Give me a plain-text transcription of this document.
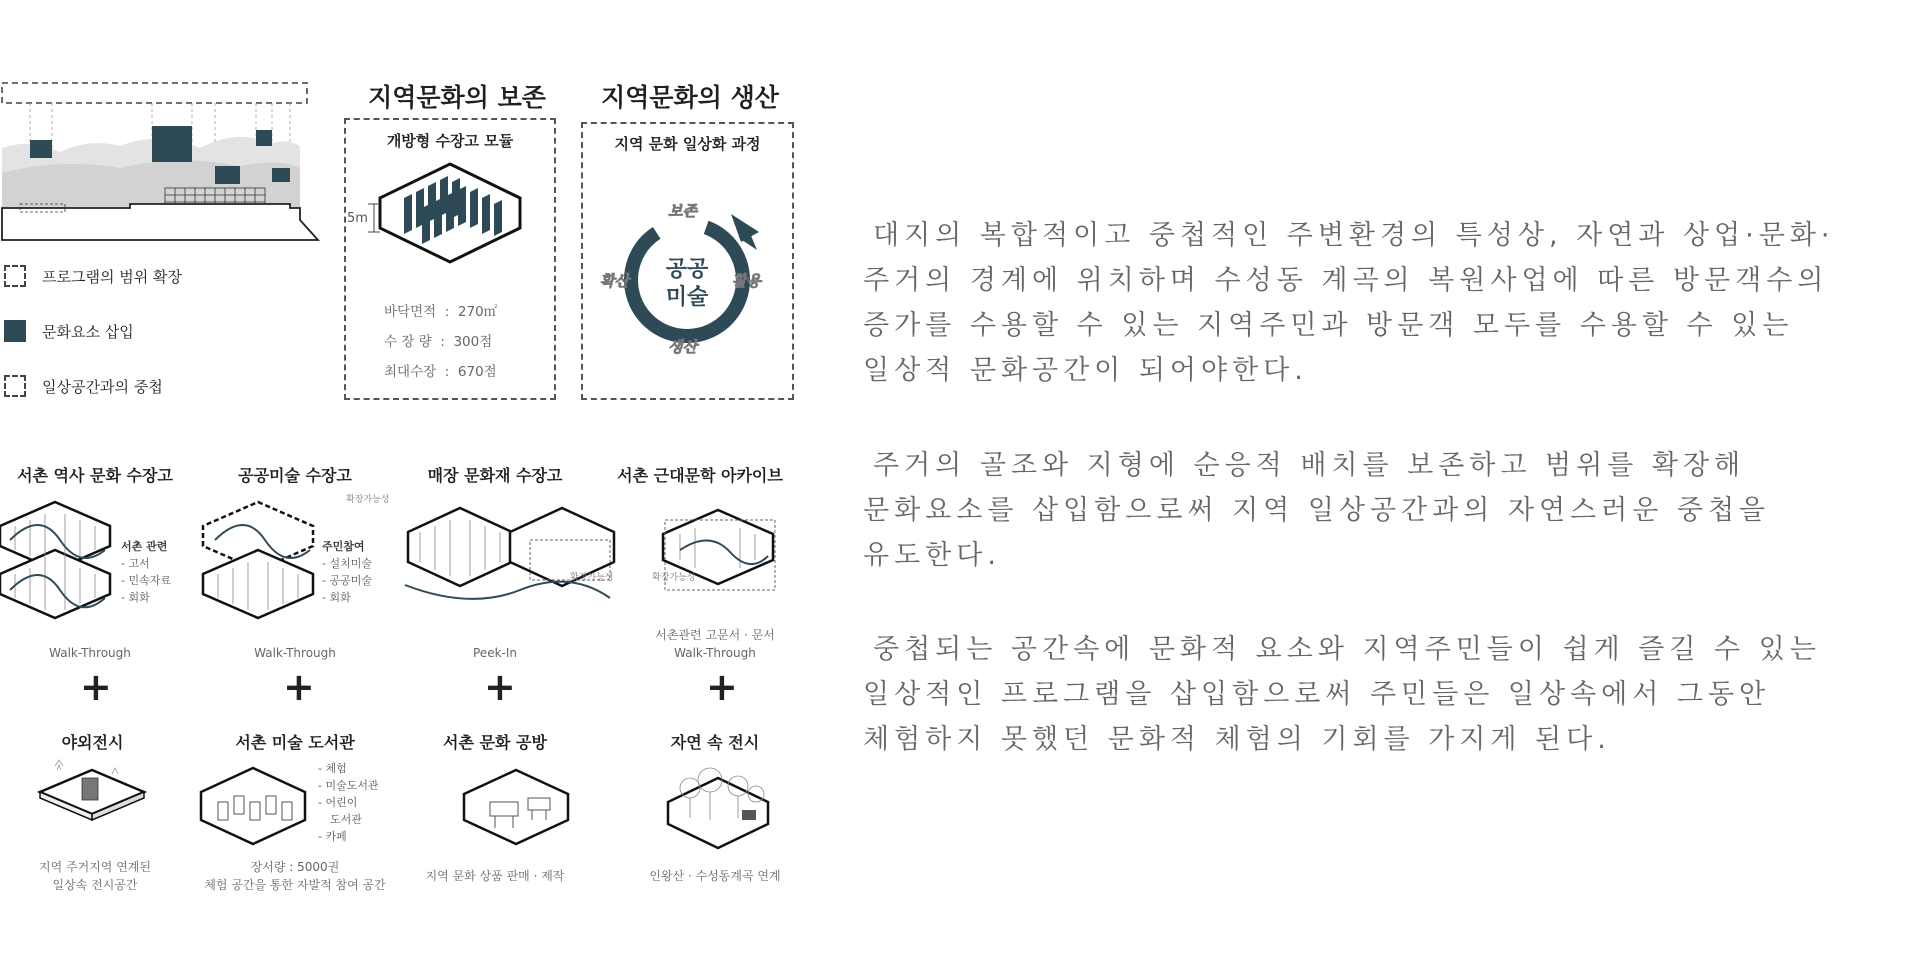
프로그램의 범위 확장
문화요소 삽입
일상공간과의 중첩
지역문화의 보존
개방형 수장고 모듈
5m
바닥면적  :  270㎡
수 장 량  :  300점
최대수장  :  670점
지역문화의 생산
지역 문화 일상화 과정
공공
미술
보존
활용
생산
확산
서촌 역사 문화 수장고	공공미술 수장고	매장 문화재 수장고	서촌 근대문학 아카이브
서촌 관련
- 고서
- 민속자료
- 회화
주민참여
- 설치미술
- 공공미술
- 회화
확장가능성
확장가능성	확장가능성
Walk-Through	Walk-Through	Peek-In
서촌관련 고문서 · 문서
Walk-Through
+	+	+	+
야외전시	서촌 미술 도서관	서촌 문화 공방	자연 속 전시
- 체험
- 미술도서관
- 어린이
도서관
- 카페
지역 주거지역 연계된
일상속 전시공간
장서량 : 5000권
체험 공간을 통한 자발적 참여 공간
지역 문화 상품 판매 · 제작	인왕산 · 수성동계곡 연계
대지의 복합적이고 중첩적인 주변환경의 특성상, 자연과 상업·문화·
주거의 경계에 위치하며 수성동 계곡의 복원사업에 따른 방문객수의
증가를 수용할 수 있는 지역주민과 방문객 모두를 수용할 수 있는
일상적 문화공간이 되어야한다.
주거의 골조와 지형에 순응적 배치를 보존하고 범위를 확장해
문화요소를 삽입함으로써 지역 일상공간과의 자연스러운 중첩을
유도한다.
중첩되는 공간속에 문화적 요소와 지역주민들이 쉽게 즐길 수 있는
일상적인 프로그램을 삽입함으로써 주민들은 일상속에서 그동안
체험하지 못했던 문화적 체험의 기회를 가지게 된다.
